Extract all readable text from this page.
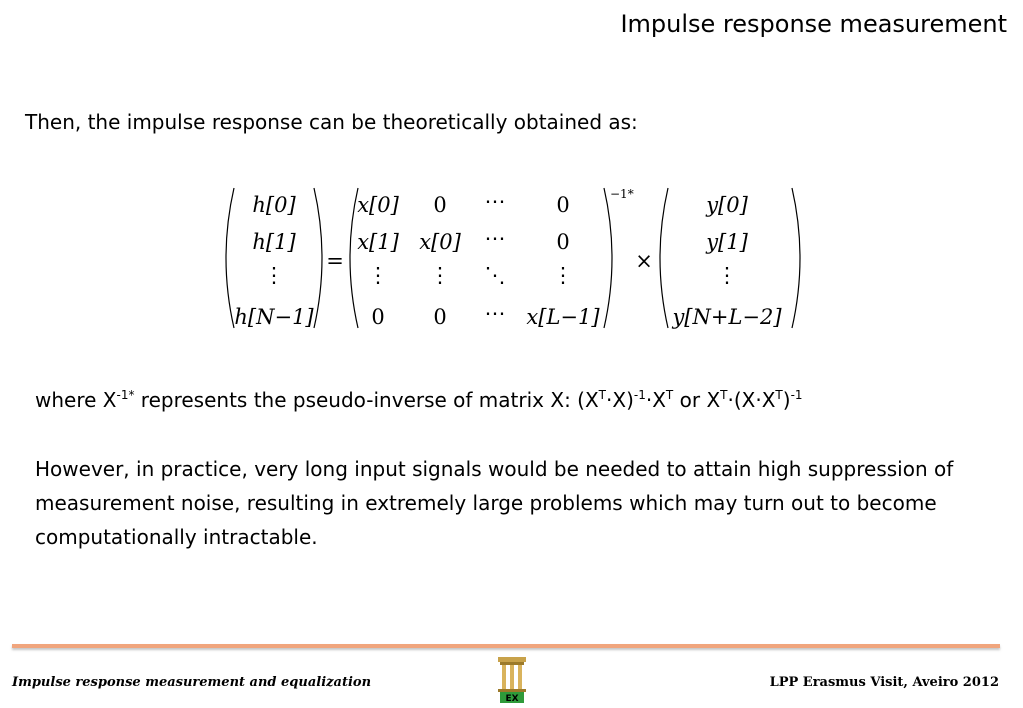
Impulse response measurement
Then, the impulse response can be theoretically obtained as:
h[0]
h[1]
⋮
h[N−1]
=
x[0] 0 ⋯ 0
x[1] x[0] ⋯ 0
⋮ ⋮ ⋱ ⋮
0 0 ⋯ x[L−1]
−1*
×
y[0]
y[1]
⋮
y[N+L−2]
where $X^{-1*}$ represents the pseudo-inverse of matrix X: $(X^T\cdot X)^{-1}\cdot X^T$ or $X^T\cdot(X\cdot X^T)^{-1}$
However, in practice, very long input signals would be needed to attain high suppression of measurement noise, resulting in extremely large problems which may turn out to become computationally intractable.
Impulse response measurement and equalization
EX
LPP Erasmus Visit, Aveiro 2012
